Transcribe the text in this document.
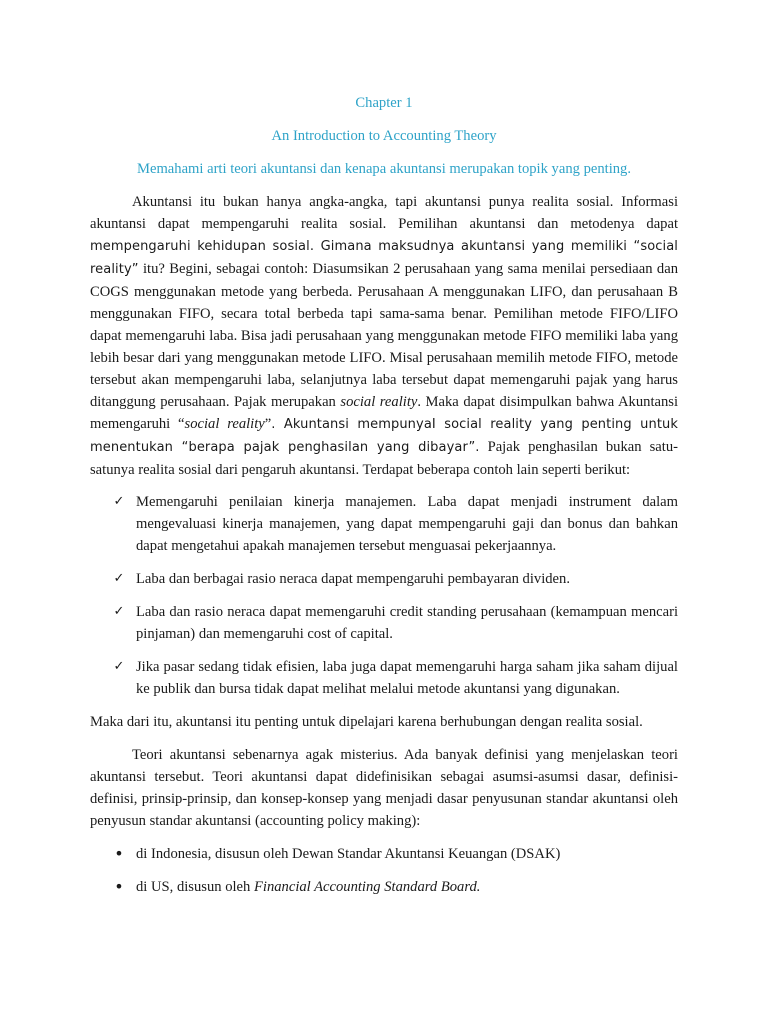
Chapter 1

An Introduction to Accounting Theory

Memahami arti teori akuntansi dan kenapa akuntansi merupakan topik yang penting.

Akuntansi itu bukan hanya angka-angka, tapi akuntansi punya realita sosial. Informasi akuntansi dapat mempengaruhi realita sosial. Pemilihan akuntansi dan metodenya dapat mempengaruhi kehidupan sosial. Gimana maksudnya akuntansi yang memiliki “social reality” itu? Begini, sebagai contoh: Diasumsikan 2 perusahaan yang sama menilai persediaan dan COGS menggunakan metode yang berbeda. Perusahaan A menggunakan LIFO, dan perusahaan B menggunakan FIFO, secara total berbeda tapi sama-sama benar. Pemilihan metode FIFO/LIFO dapat memengaruhi laba. Bisa jadi perusahaan yang menggunakan metode FIFO memiliki laba yang lebih besar dari yang menggunakan metode LIFO. Misal perusahaan memilih metode FIFO, metode tersebut akan mempengaruhi laba, selanjutnya laba tersebut dapat memengaruhi pajak yang harus ditanggung perusahaan. Pajak merupakan social reality. Maka dapat disimpulkan bahwa Akuntansi memengaruhi “social reality”. Akuntansi mempunyaI social reality yang penting untuk menentukan “berapa pajak penghasilan yang dibayar”. Pajak penghasilan bukan satu-satunya realita sosial dari pengaruh akuntansi. Terdapat beberapa contoh lain seperti berikut:

✓ Memengaruhi penilaian kinerja manajemen. Laba dapat menjadi instrument dalam mengevaluasi kinerja manajemen, yang dapat mempengaruhi gaji dan bonus dan bahkan dapat mengetahui apakah manajemen tersebut menguasai pekerjaannya.
✓ Laba dan berbagai rasio neraca dapat mempengaruhi pembayaran dividen.
✓ Laba dan rasio neraca dapat memengaruhi credit standing perusahaan (kemampuan mencari pinjaman) dan memengaruhi cost of capital.
✓ Jika pasar sedang tidak efisien, laba juga dapat memengaruhi harga saham jika saham dijual ke publik dan bursa tidak dapat melihat melalui metode akuntansi yang digunakan.

Maka dari itu, akuntansi itu penting untuk dipelajari karena berhubungan dengan realita sosial.

Teori akuntansi sebenarnya agak misterius. Ada banyak definisi yang menjelaskan teori akuntansi tersebut. Teori akuntansi dapat didefinisikan sebagai asumsi-asumsi dasar, definisi-definisi, prinsip-prinsip, dan konsep-konsep yang menjadi dasar penyusunan standar akuntansi oleh penyusun standar akuntansi (accounting policy making):

• di Indonesia, disusun oleh Dewan Standar Akuntansi Keuangan (DSAK)
• di US, disusun oleh Financial Accounting Standard Board.
